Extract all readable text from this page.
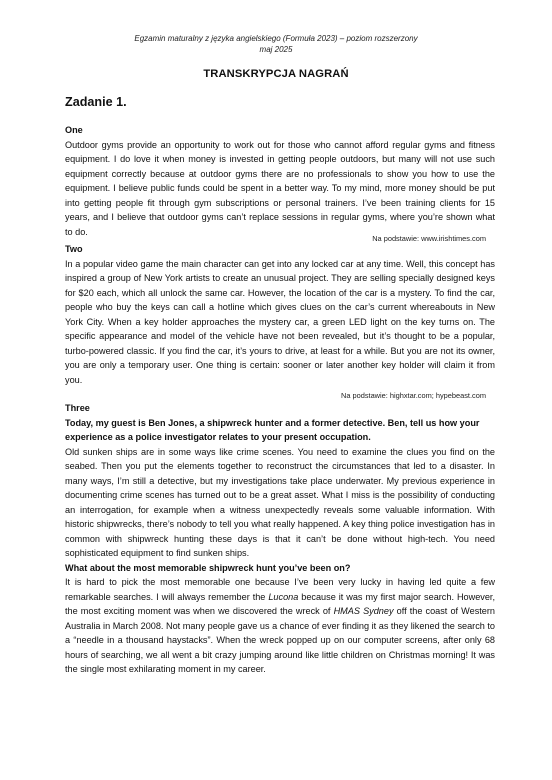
Egzamin maturalny z języka angielskiego (Formuła 2023) – poziom rozszerzony
maj 2025
TRANSKRYPCJA NAGRAŃ
Zadanie 1.
One
Outdoor gyms provide an opportunity to work out for those who cannot afford regular gyms and fitness equipment. I do love it when money is invested in getting people outdoors, but many will not use such equipment correctly because at outdoor gyms there are no professionals to show you how to use the equipment. I believe public funds could be spent in a better way. To my mind, more money should be put into getting people fit through gym subscriptions or personal trainers. I’ve been training clients for 15 years, and I believe that outdoor gyms can’t replace sessions in regular gyms, where you’re shown what to do.
Na podstawie: www.irishtimes.com
Two
In a popular video game the main character can get into any locked car at any time. Well, this concept has inspired a group of New York artists to create an unusual project. They are selling specially designed keys for $20 each, which all unlock the same car. However, the location of the car is a mystery. To find the car, people who buy the keys can call a hotline which gives clues on the car’s current whereabouts in New York City. When a key holder approaches the mystery car, a green LED light on the key turns on. The specific appearance and model of the vehicle have not been revealed, but it’s thought to be a popular, turbo-powered classic. If you find the car, it’s yours to drive, at least for a while. But you are not its owner, you are only a temporary user. One thing is certain: sooner or later another key holder will claim it from you.
Na podstawie: highxtar.com; hypebeast.com
Three
Today, my guest is Ben Jones, a shipwreck hunter and a former detective. Ben, tell us how your experience as a police investigator relates to your present occupation.
Old sunken ships are in some ways like crime scenes. You need to examine the clues you find on the seabed. Then you put the elements together to reconstruct the circumstances that led to a disaster. In many ways, I’m still a detective, but my investigations take place underwater. My previous experience in documenting crime scenes has turned out to be a great asset. What I miss is the possibility of conducting an interrogation, for example when a witness unexpectedly reveals some valuable information. With historic shipwrecks, there’s nobody to tell you what really happened. A key thing police investigation has in common with shipwreck hunting these days is that it can’t be done without high-tech. You need sophisticated equipment to find sunken ships.
What about the most memorable shipwreck hunt you’ve been on?
It is hard to pick the most memorable one because I’ve been very lucky in having led quite a few remarkable searches. I will always remember the Lucona because it was my first major search. However, the most exciting moment was when we discovered the wreck of HMAS Sydney off the coast of Western Australia in March 2008. Not many people gave us a chance of ever finding it as they likened the search to a “needle in a thousand haystacks”. When the wreck popped up on our computer screens, after only 68 hours of searching, we all went a bit crazy jumping around like little children on Christmas morning! It was the single most exhilarating moment in my career.
